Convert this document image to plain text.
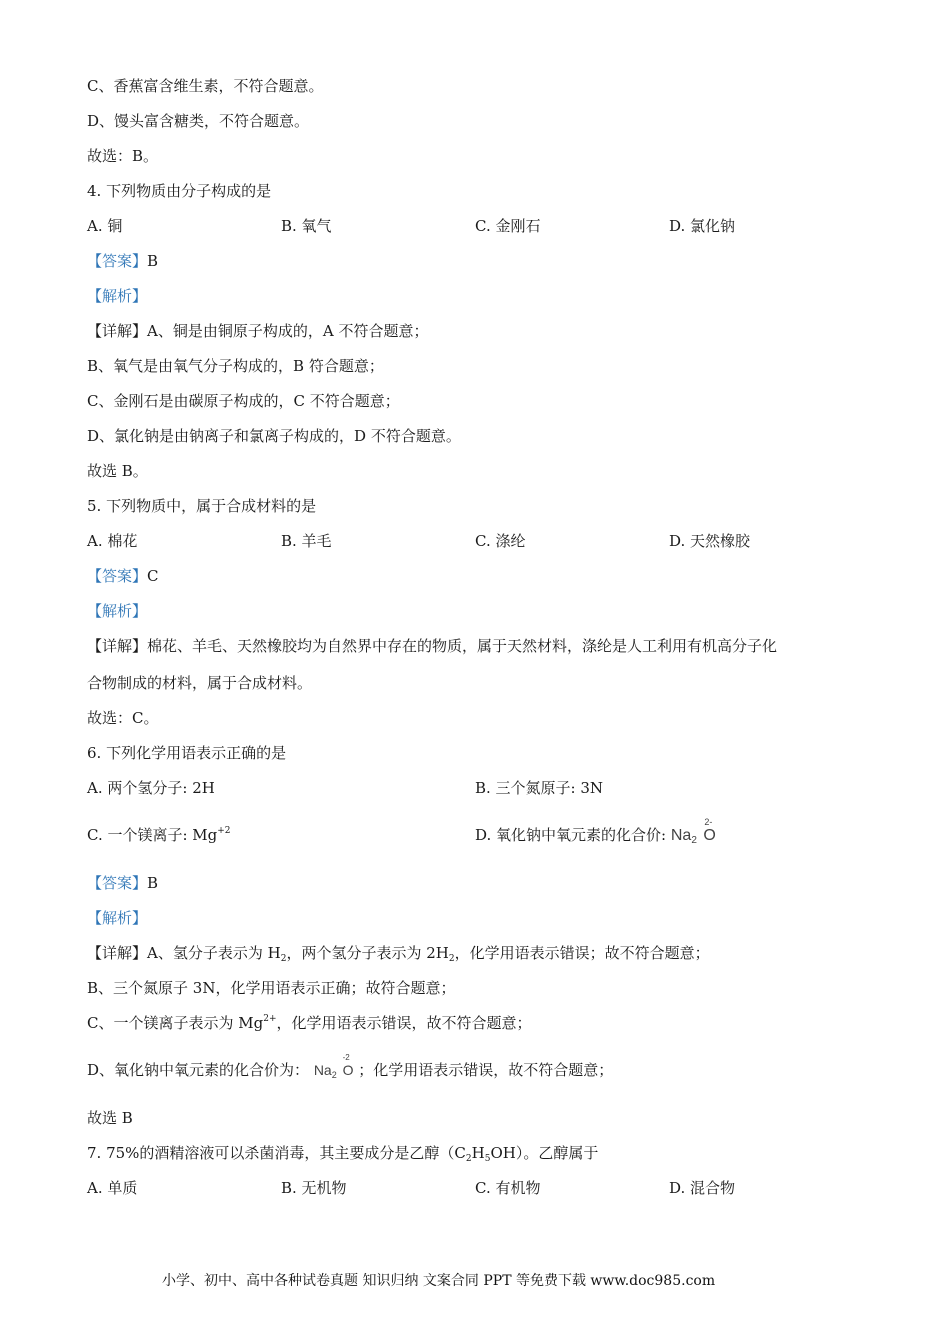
C、香蕉富含维生素，不符合题意。
D、馒头富含糖类，不符合题意。
故选：B。
4. 下列物质由分子构成的是
A. 铜	B. 氧气	C. 金刚石	D. 氯化钠
【答案】B
【解析】
【详解】A、铜是由铜原子构成的，A 不符合题意；
B、氧气是由氧气分子构成的，B 符合题意；
C、金刚石是由碳原子构成的，C 不符合题意；
D、氯化钠是由钠离子和氯离子构成的，D 不符合题意。
故选 B。
5. 下列物质中，属于合成材料的是
A. 棉花	B. 羊毛	C. 涤纶	D. 天然橡胶
【答案】C
【解析】
【详解】棉花、羊毛、天然橡胶均为自然界中存在的物质，属于天然材料，涤纶是人工利用有机高分子化
合物制成的材料，属于合成材料。
故选：C。
6. 下列化学用语表示正确的是
A. 两个氢分子: 2H	B. 三个氮原子: 3N
C. 一个镁离子: $Mg^{+2}$	D. 氧化钠中氧元素的化合价: $Na_2$ O
2-
【答案】B
【解析】
【详解】A、氢分子表示为 $H_2$，两个氢分子表示为 $2H_2$，化学用语表示错误；故不符合题意；
B、三个氮原子 3N，化学用语表示正确；故符合题意；
C、一个镁离子表示为 $Mg^{2+}$，化学用语表示错误，故不符合题意；
D、氧化钠中氧元素的化合价为： $Na_2$ O
-2
；化学用语表示错误，故不符合题意；
故选 B
7. 75%的酒精溶液可以杀菌消毒，其主要成分是乙醇$(C_2H_5OH)$。乙醇属于
A. 单质	B. 无机物	C. 有机物	D. 混合物
小学、初中、高中各种试卷真题 知识归纳 文案合同 PPT 等免费下载 www.doc985.com
